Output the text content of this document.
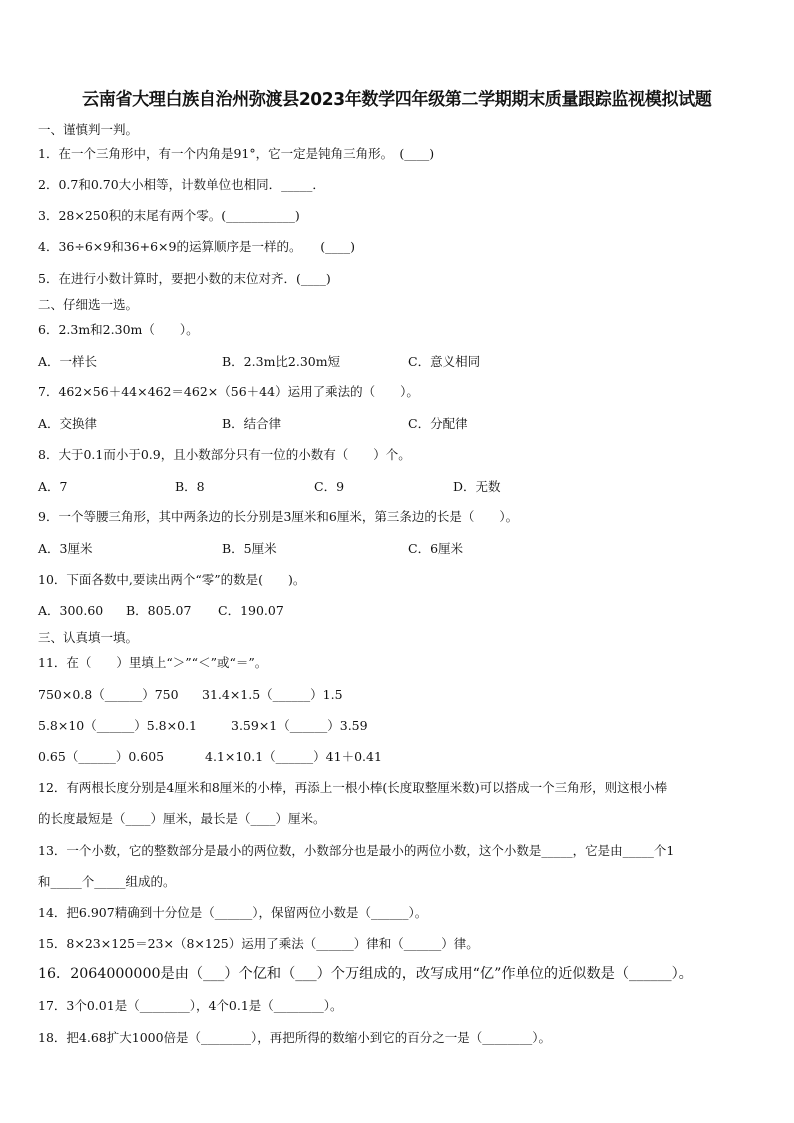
云南省大理白族自治州弥渡县2023年数学四年级第二学期期末质量跟踪监视模拟试题
一、谨慎判一判。
1．在一个三角形中，有一个内角是91°，它一定是钝角三角形。　(____)
2．0.7和0.70大小相等，计数单位也相同．_____．
3．28×250积的末尾有两个零。(___________)
4．36÷6×9和36+6×9的运算顺序是一样的。　　(____)
5．在进行小数计算时，要把小数的末位对齐．(____)
二、仔细选一选。
6．2.3m和2.30m（　　）。
A．一样长	B．2.3m比2.30m短	C．意义相同
7．462×56＋44×462＝462×（56＋44）运用了乘法的（　　）。
A．交换律	B．结合律	C．分配律
8．大于0.1而小于0.9，且小数部分只有一位的小数有（　　）个。
A．7	B．8	C．9	D．无数
9．一个等腰三角形，其中两条边的长分别是3厘米和6厘米，第三条边的长是（　　）。
A．3厘米	B．5厘米	C．6厘米
10．下面各数中,要读出两个“零”的数是(　　)。
A．300.60 B．805.07 C．190.07
三、认真填一填。
11．在（　　）里填上“＞”“＜”或“＝”。
750×0.8（______）750 31.4×1.5（______）1.5
5.8×10（______）5.8×0.1	3.59×1（______）3.59
0.65（______）0.605	4.1×10.1（______）41＋0.41
12．有两根长度分别是4厘米和8厘米的小棒，再添上一根小棒(长度取整厘米数)可以搭成一个三角形，则这根小棒
的长度最短是（____）厘米，最长是（____）厘米。
13．一个小数，它的整数部分是最小的两位数，小数部分也是最小的两位小数，这个小数是_____，它是由_____个1
和_____个_____组成的。
14．把6.907精确到十分位是（______），保留两位小数是（______）。
15．8×23×125＝23×（8×125）运用了乘法（______）律和（______）律。
16．2064000000是由（___）个亿和（___）个万组成的，改写成用“亿”作单位的近似数是（______）。
17．3个0.01是（________），4个0.1是（________）。
18．把4.68扩大1000倍是（________），再把所得的数缩小到它的百分之一是（________）。
